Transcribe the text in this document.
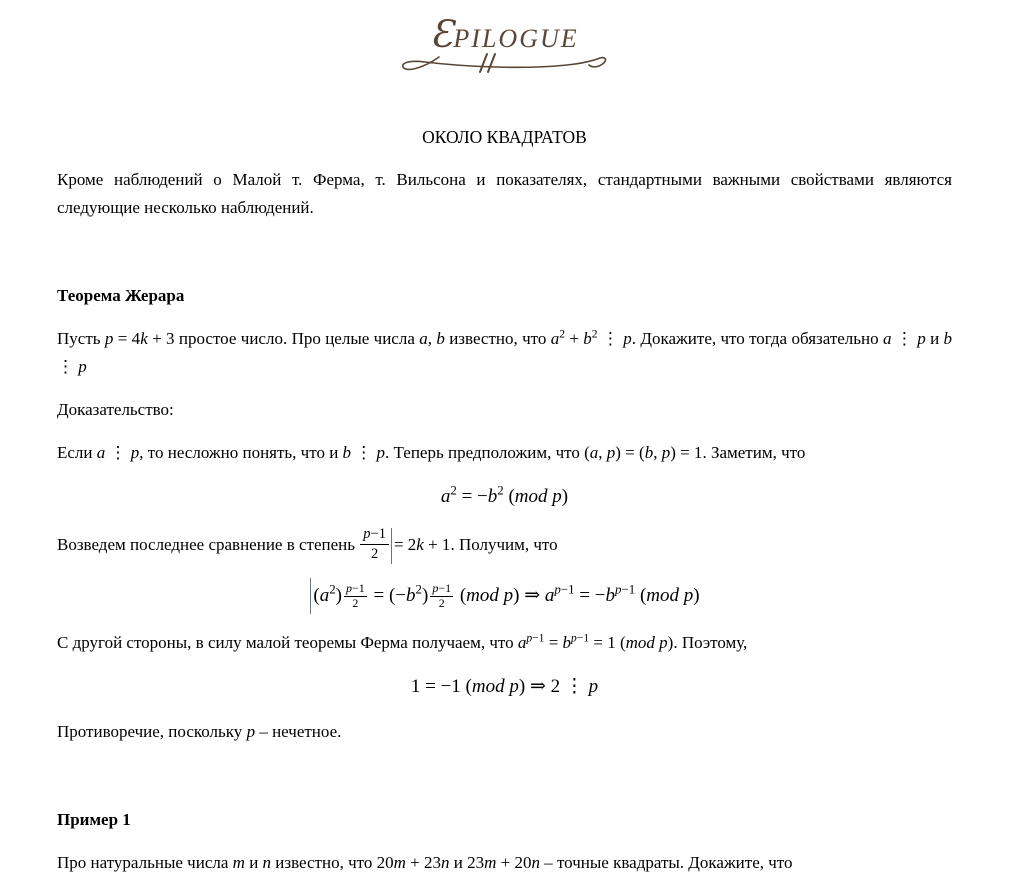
ƐPILOGUE
ОКОЛО КВАДРАТОВ
Кроме наблюдений о Малой т. Ферма, т. Вильсона и показателях, стандартными важными свойствами являются следующие несколько наблюдений.
Теорема Жерара
Пусть p = 4k + 3 простое число. Про целые числа a, b известно, что $a^2 + b^2$ ⋮ p. Докажите, что тогда обязательно a ⋮ p и b ⋮ p
Доказательство:
Если a ⋮ p, то несложно понять, что и b ⋮ p. Теперь предположим, что (a, p) = (b, p) = 1. Заметим, что
$a^2 = -b^2$ (mod p)
Возведем последнее сравнение в степень $\frac{p-1}{2} = 2k + 1$. Получим, что
$(a^2) \frac{p-1}{2} = (-b^2) \frac{p-1}{2} (mod$ p) ⇒ $a^{p-1} = -b^{p-1}$ (mod p)
С другой стороны, в силу малой теоремы Ферма получаем, что $a^{p-1} = b^{p-1} = 1$ (mod p). Поэтому,
1 = −1 (mod p) ⇒ 2 ⋮ p
Противоречие, поскольку p – нечетное.
Пример 1
Про натуральные числа m и n известно, что 20m + 23n и 23m + 20n – точные квадраты. Докажите, что
